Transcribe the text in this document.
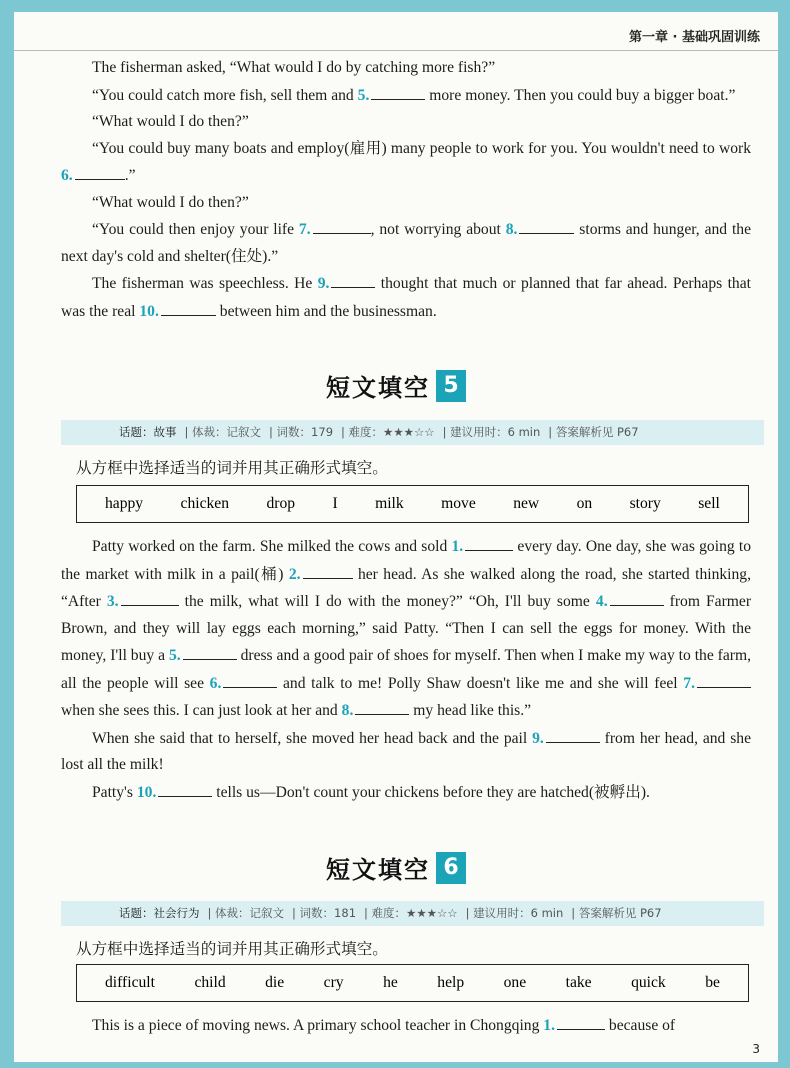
第一章 · 基础巩固训练

The fisherman asked, “What would I do by catching more fish?”

“You could catch more fish, sell them and 5.	more money. Then you could buy a bigger boat.”

“What would I do then?”

“You could buy many boats and employ(雇用) many people to work for you. You wouldn't need to work 6.	.”

“What would I do then?”

“You could then enjoy your life 7.	, not worrying about 8.	storms and hunger, and the next day's cold and shelter(住处).”

The fisherman was speechless. He 9.	thought that much or planned that far ahead. Perhaps that was the real 10.	between him and the businessman.

短文填空 5
话题：故事 | 体裁：记叙文 | 词数：179 | 难度：★★★☆☆ | 建议用时：6 min | 答案解析见 P67
从方框中选择适当的词并用其正确形式填空。
happy chicken drop I milk move new on story sell

Patty worked on the farm. She milked the cows and sold 1.	every day. One day, she was going to the market with milk in a pail(桶) 2.	her head. As she walked along the road, she started thinking, “After 3.	the milk, what will I do with the money?” “Oh, I'll buy some 4.	from Farmer Brown, and they will lay eggs each morning,” said Patty. “Then I can sell the eggs for money. With the money, I'll buy a 5.	dress and a good pair of shoes for myself. Then when I make my way to the farm, all the people will see 6.	and talk to me! Polly Shaw doesn't like me and she will feel 7. when she sees this. I can just look at her and 8.	my head like this.”

When she said that to herself, she moved her head back and the pail 9.	from her head, and she lost all the milk!

Patty's 10.	tells us—Don't count your chickens before they are hatched(被孵出).

短文填空 6
话题：社会行为 | 体裁：记叙文 | 词数：181 | 难度：★★★☆☆ | 建议用时：6 min | 答案解析见 P67
从方框中选择适当的词并用其正确形式填空。
difficult	child	die	cry	he	help	one	take	quick	be

This is a piece of moving news. A primary school teacher in Chongqing 1.	because of

3
